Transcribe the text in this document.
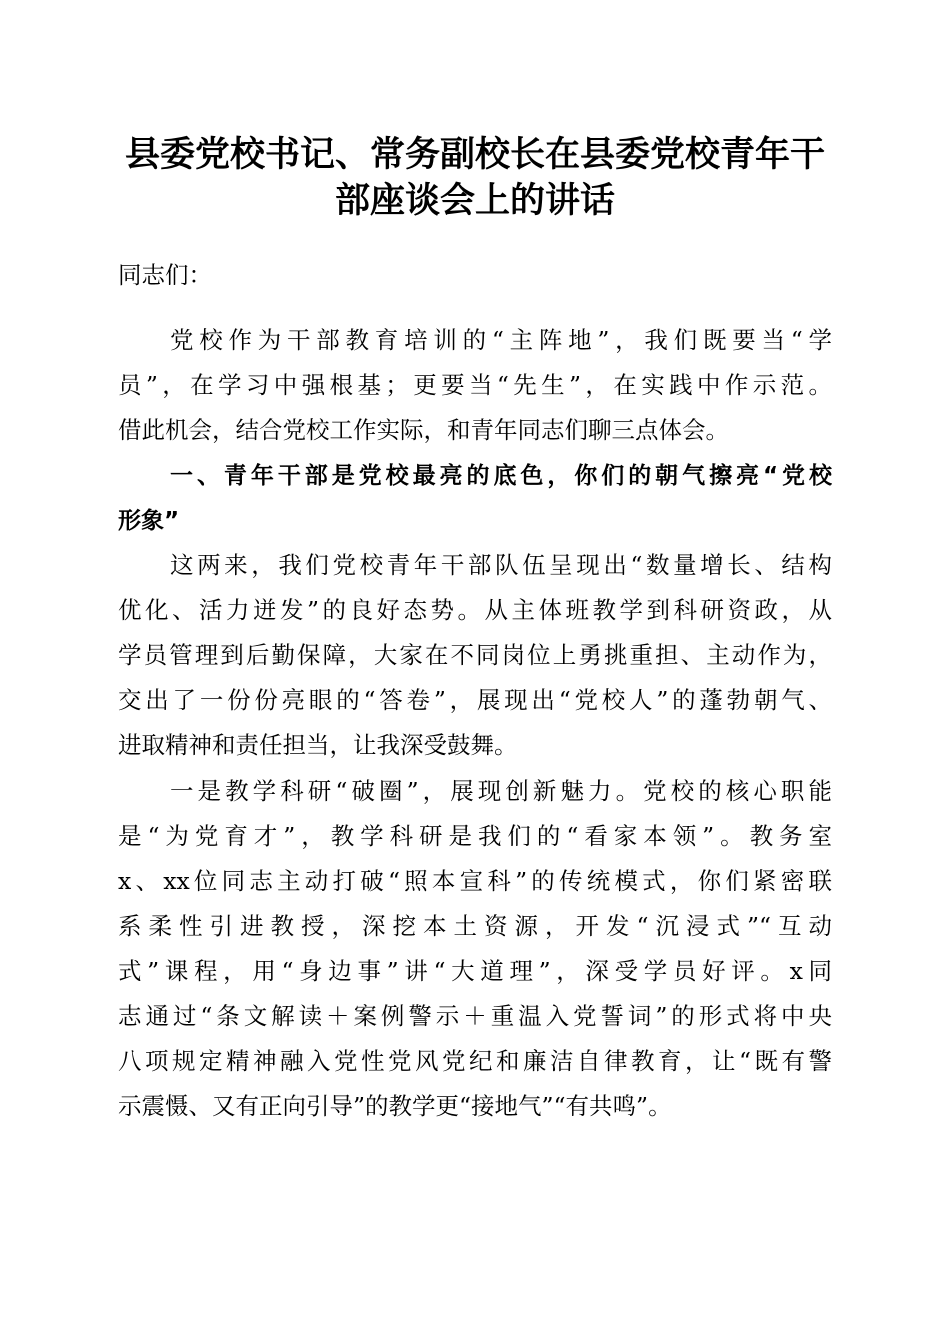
县委党校书记、常务副校长在县委党校青年干
部座谈会上的讲话
同志们：
党校作为干部教育培训的“主阵地”，我们既要当“学
员”，在学习中强根基；更要当“先生”，在实践中作示范。
借此机会，结合党校工作实际，和青年同志们聊三点体会。
一、青年干部是党校最亮的底色，你们的朝气擦亮“党校
形象”
这两来，我们党校青年干部队伍呈现出“数量增长、结构
优化、活力迸发”的良好态势。从主体班教学到科研资政，从
学员管理到后勤保障，大家在不同岗位上勇挑重担、主动作为，
交出了一份份亮眼的“答卷”，展现出“党校人”的蓬勃朝气、
进取精神和责任担当，让我深受鼓舞。
一是教学科研“破圈”，展现创新魅力。党校的核心职能
是“为党育才”，教学科研是我们的“看家本领”。教务室
x、xx位同志主动打破“照本宣科”的传统模式，你们紧密联
系柔性引进教授，深挖本土资源，开发“沉浸式”“互动
式”课程，用“身边事”讲“大道理”，深受学员好评。x同
志通过“条文解读＋案例警示＋重温入党誓词”的形式将中央
八项规定精神融入党性党风党纪和廉洁自律教育，让“既有警
示震慑、又有正向引导”的教学更“接地气”“有共鸣”。
